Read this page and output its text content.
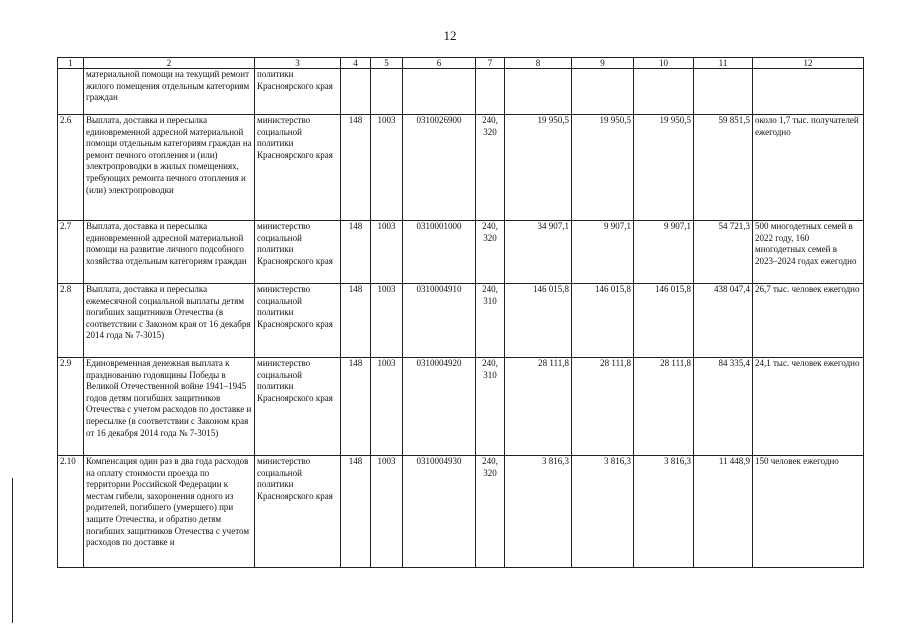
12
1	2	3	4	5	6	7	8	9	10	11	12
	материальной помощи на текущий ремонт жилого помещения отдельным категориям граждан	политики Красноярского края									
2.6	Выплата, доставка и пересылка единовременной адресной материальной помощи отдельным категориям граждан на ремонт печного отопления и (или) электропроводки в жилых помещениях, требующих ремонта печного отопления и (или) электропроводки	министерство социальной политики Красноярского края	148	1003	0310026900	240, 320	19 950,5	19 950,5	19 950,5	59 851,5	около 1,7 тыс. получателей ежегодно
2.7	Выплата, доставка и пересылка единовременной адресной материальной помощи на развитие личного подсобного хозяйства отдельным категориям граждан	министерство социальной политики Красноярского края	148	1003	0310001000	240, 320	34 907,1	9 907,1	9 907,1	54 721,3	500 многодетных семей в 2022 году, 160 многодетных семей в 2023–2024 годах ежегодно
2.8	Выплата, доставка и пересылка ежемесячной социальной выплаты детям погибших защитников Отечества (в соответствии с Законом края от 16 декабря 2014 года № 7-3015)	министерство социальной политики Красноярского края	148	1003	0310004910	240, 310	146 015,8	146 015,8	146 015,8	438 047,4	26,7 тыс. человек ежегодно
2.9	Единовременная денежная выплата к празднованию годовщины Победы в Великой Отечественной войне 1941–1945 годов детям погибших защитников Отечества с учетом расходов по доставке и пересылке (в соответствии с Законом края от 16 декабря 2014 года № 7-3015)	министерство социальной политики Красноярского края	148	1003	0310004920	240, 310	28 111,8	28 111,8	28 111,8	84 335,4	24,1 тыс. человек ежегодно
2.10	Компенсация один раз в два года расходов на оплату стоимости проезда по территории Российской Федерации к местам гибели, захоронения одного из родителей, погибшего (умершего) при защите Отечества, и обратно детям погибших защитников Отечества с учетом расходов по доставке и	министерство социальной политики Красноярского края	148	1003	0310004930	240, 320	3 816,3	3 816,3	3 816,3	11 448,9	150 человек ежегодно
